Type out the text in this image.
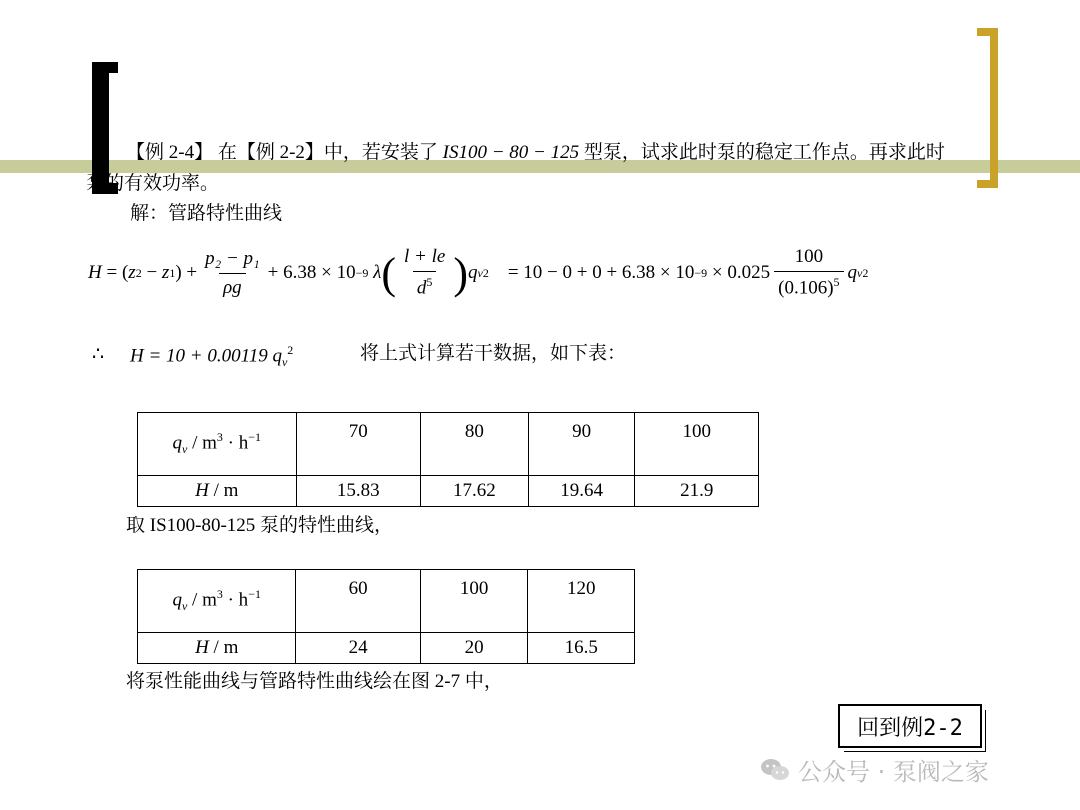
【例 2-4】 在【例 2-2】中，若安装了 IS100 − 80 − 125 型泵，试求此时泵的稳定工作点。再求此时
泵的有效功率。
解：管路特性曲线
H = ( z 2 − z 1 ) + $\frac{\text{p₂ − p₁}}{\rho g} + 6.38 \times 10 -9$
λ ( $\frac{l + le}{d^5}$ ) q v 2
= 10 − 0 + 0 + 6.38 × 10 −9
× $0.025 \frac{100}{(0.106)^5}$ q v 2
∴ H = 10 + 0.00119 $q_v^2$	将上式计算若干数据，如下表：
$q_v / m^3 \cdot h^{-1}$	70	80	90	100
H / m	15.83	17.62	19.64	21.9
取 IS100-80-125 泵的特性曲线，
$q_v / m^3 \cdot h^{-1}$	60	100	120
H / m	24	20	16.5
将泵性能曲线与管路特性曲线绘在图 2-7 中，
回到例2-2
公众号 · 泵阀之家
